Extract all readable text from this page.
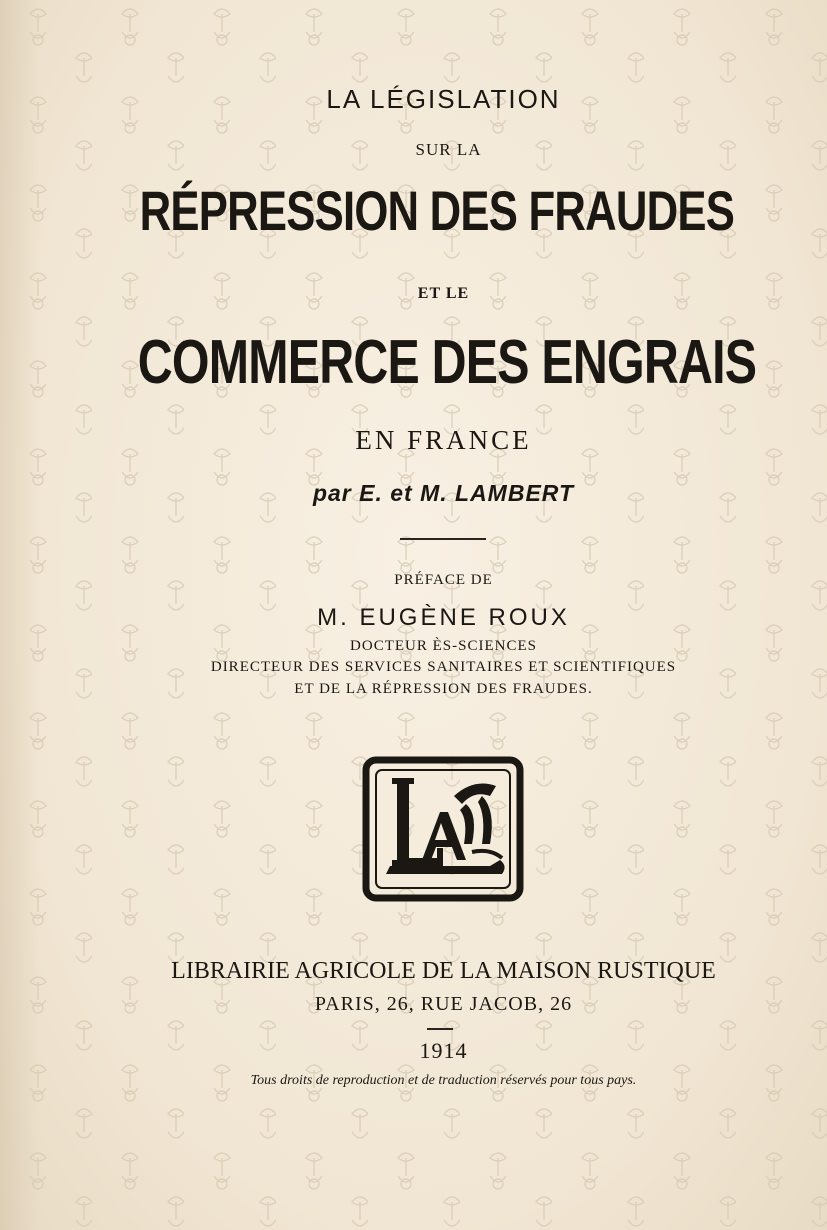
LA LÉGISLATION
SUR LA
RÉPRESSION DES FRAUDES
ET LE
COMMERCE DES ENGRAIS
EN FRANCE
par E. et M. LAMBERT
PRÉFACE DE
M. EUGÈNE ROUX
DOCTEUR ÈS-SCIENCES
DIRECTEUR DES SERVICES SANITAIRES ET SCIENTIFIQUES
ET DE LA RÉPRESSION DES FRAUDES.
LIBRAIRIE AGRICOLE DE LA MAISON RUSTIQUE
PARIS, 26, RUE JACOB, 26
1914
Tous droits de reproduction et de traduction réservés pour tous pays.
